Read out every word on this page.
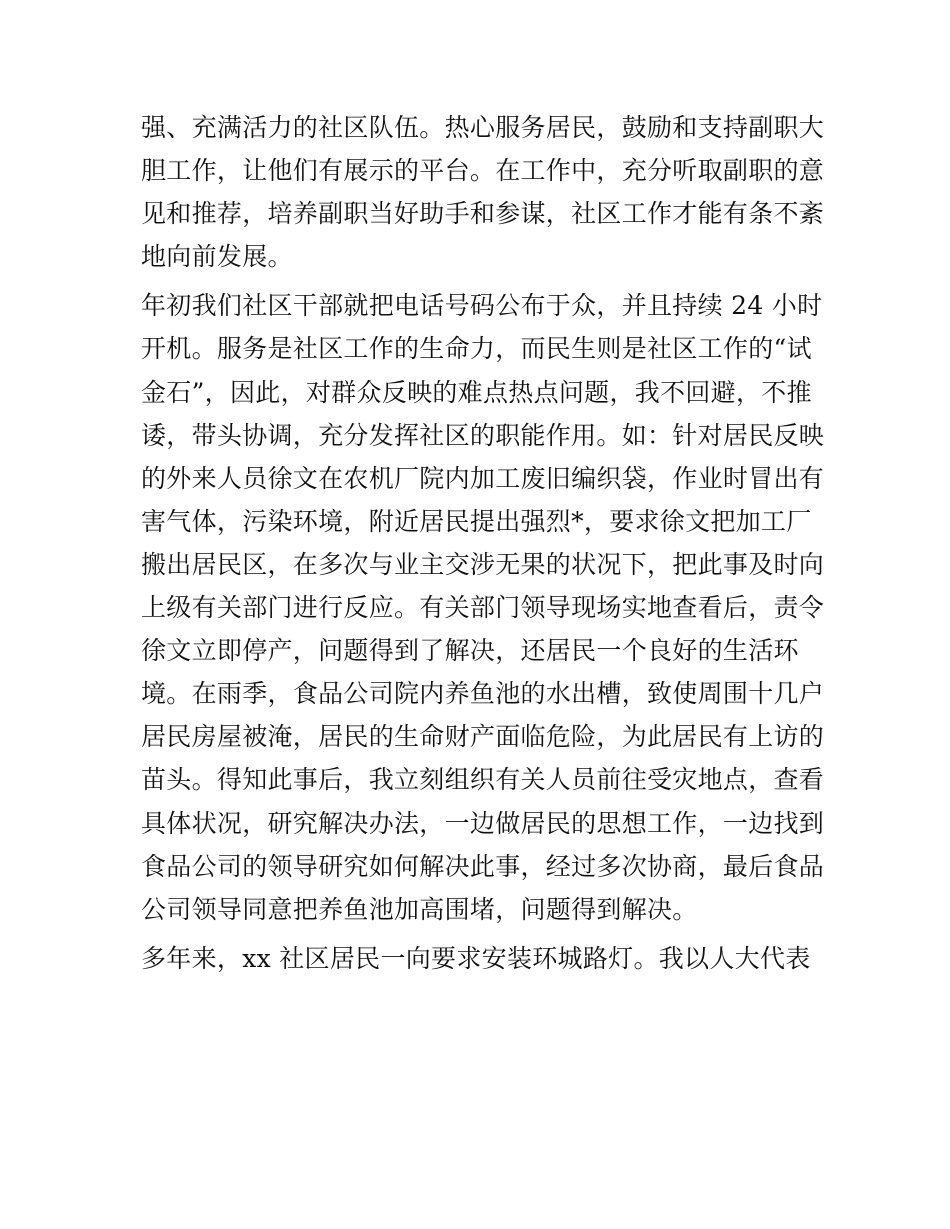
强、充满活力的社区队伍。热心服务居民，鼓励和支持副职大
胆工作，让他们有展示的平台。在工作中，充分听取副职的意
见和推荐，培养副职当好助手和参谋，社区工作才能有条不紊
地向前发展。
年初我们社区干部就把电话号码公布于众，并且持续 24 小时
开机。服务是社区工作的生命力，而民生则是社区工作的“试
金石”，因此，对群众反映的难点热点问题，我不回避，不推
诿，带头协调，充分发挥社区的职能作用。如：针对居民反映
的外来人员徐文在农机厂院内加工废旧编织袋，作业时冒出有
害气体，污染环境，附近居民提出强烈*，要求徐文把加工厂
搬出居民区，在多次与业主交涉无果的状况下，把此事及时向
上级有关部门进行反应。有关部门领导现场实地查看后，责令
徐文立即停产，问题得到了解决，还居民一个良好的生活环
境。在雨季，食品公司院内养鱼池的水出槽，致使周围十几户
居民房屋被淹，居民的生命财产面临危险，为此居民有上访的
苗头。得知此事后，我立刻组织有关人员前往受灾地点，查看
具体状况，研究解决办法，一边做居民的思想工作，一边找到
食品公司的领导研究如何解决此事，经过多次协商，最后食品
公司领导同意把养鱼池加高围堵，问题得到解决。
多年来，xx 社区居民一向要求安装环城路灯。我以人大代表
